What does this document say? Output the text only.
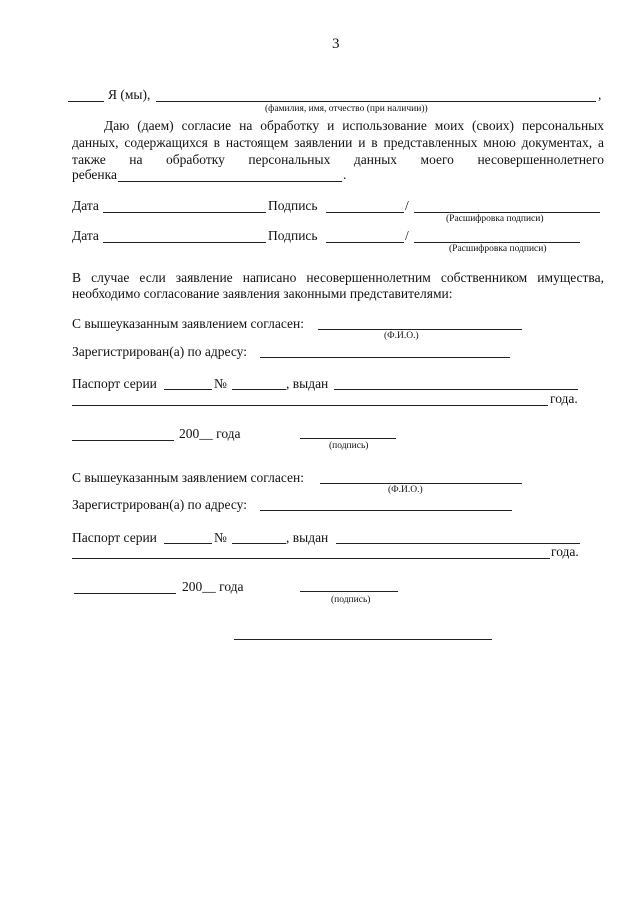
3
Я (мы),	,
(фамилия, имя, отчество (при наличии))
Даю (даем) согласие на обработку и использование моих (своих) персональных
данных, содержащихся в настоящем заявлении и в представленных мною документах, а
также на обработку персональных данных моего несовершеннолетнего
ребенка	.
Дата	Подпись	/
(Расшифровка подписи)
Дата	Подпись	/
(Расшифровка подписи)
В случае если заявление написано несовершеннолетним собственником имущества,
необходимо согласование заявления законными представителями:
С вышеуказанным заявлением согласен:
(Ф.И.О.)
Зарегистрирован(а) по адресу:
Паспорт серии	№	, выдан
года.
200__ года
(подпись)
С вышеуказанным заявлением согласен:
(Ф.И.О.)
Зарегистрирован(а) по адресу:
Паспорт серии	№	, выдан
года.
200__ года
(подпись)
